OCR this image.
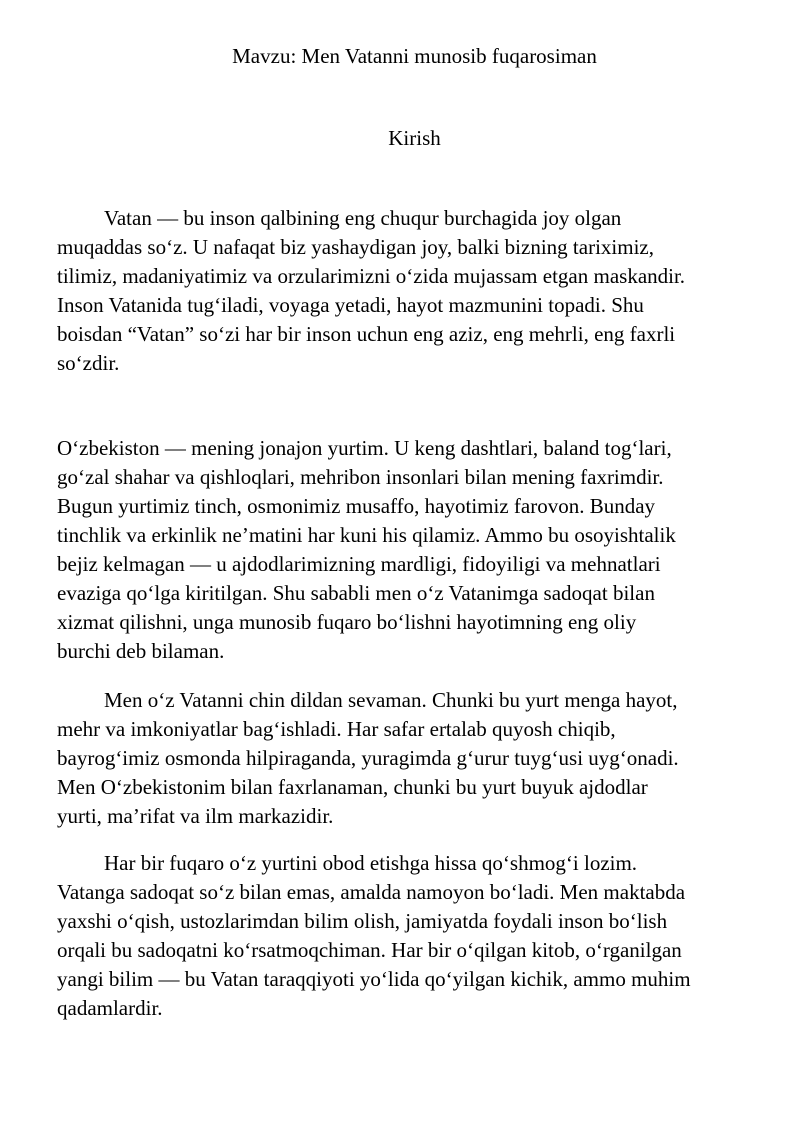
Mavzu: Men Vatanni munosib fuqarosiman
Kirish
Vatan — bu inson qalbining eng chuqur burchagida joy olgan
muqaddas soʻz. U nafaqat biz yashaydigan joy, balki bizning tariximiz,
tilimiz, madaniyatimiz va orzularimizni oʻzida mujassam etgan maskandir.
Inson Vatanida tugʻiladi, voyaga yetadi, hayot mazmunini topadi. Shu
boisdan “Vatan” soʻzi har bir inson uchun eng aziz, eng mehrli, eng faxrli
soʻzdir.
Oʻzbekiston — mening jonajon yurtim. U keng dashtlari, baland togʻlari,
goʻzal shahar va qishloqlari, mehribon insonlari bilan mening faxrimdir.
Bugun yurtimiz tinch, osmonimiz musaffo, hayotimiz farovon. Bunday
tinchlik va erkinlik neʼmatini har kuni his qilamiz. Ammo bu osoyishtalik
bejiz kelmagan — u ajdodlarimizning mardligi, fidoyiligi va mehnatlari
evaziga qoʻlga kiritilgan. Shu sababli men oʻz Vatanimga sadoqat bilan
xizmat qilishni, unga munosib fuqaro boʻlishni hayotimning eng oliy
burchi deb bilaman.
Men oʻz Vatanni chin dildan sevaman. Chunki bu yurt menga hayot,
mehr va imkoniyatlar bagʻishladi. Har safar ertalab quyosh chiqib,
bayrogʻimiz osmonda hilpiraganda, yuragimda gʻurur tuygʻusi uygʻonadi.
Men Oʻzbekistonim bilan faxrlanaman, chunki bu yurt buyuk ajdodlar
yurti, maʼrifat va ilm markazidir.
Har bir fuqaro oʻz yurtini obod etishga hissa qoʻshmogʻi lozim.
Vatanga sadoqat soʻz bilan emas, amalda namoyon boʻladi. Men maktabda
yaxshi oʻqish, ustozlarimdan bilim olish, jamiyatda foydali inson boʻlish
orqali bu sadoqatni koʻrsatmoqchiman. Har bir oʻqilgan kitob, oʻrganilgan
yangi bilim — bu Vatan taraqqiyoti yoʻlida qoʻyilgan kichik, ammo muhim
qadamlardir.
